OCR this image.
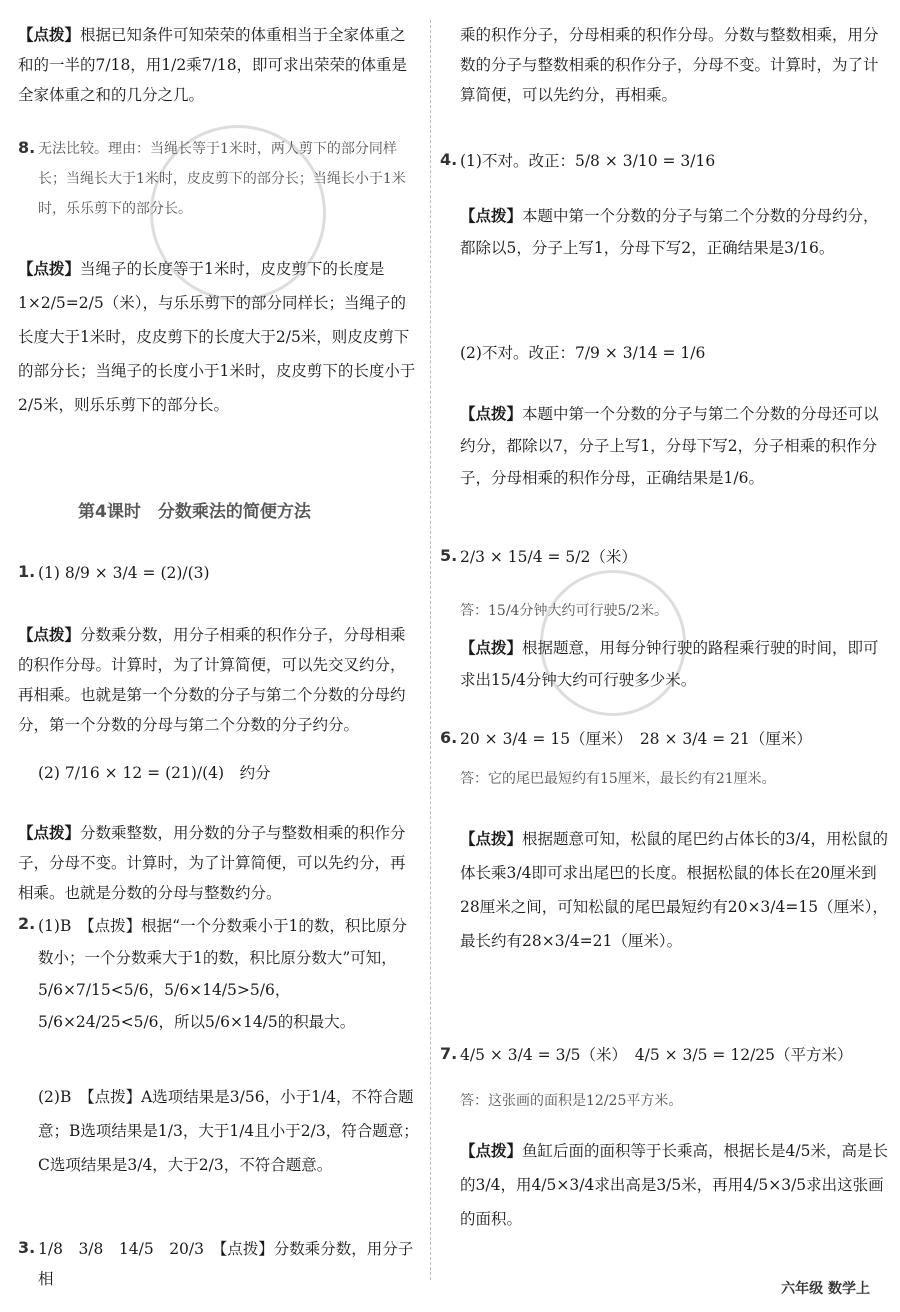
【点拨】根据已知条件可知荣荣的体重相当于全家体重之和的一半的7/18，用1/2乘7/18，即可求出荣荣的体重是全家体重之和的几分之几。
8. 无法比较。理由：当绳长等于1米时，两人剪下的部分同样长；当绳长大于1米时，皮皮剪下的部分长；当绳长小于1米时，乐乐剪下的部分长。
【点拨】当绳子的长度等于1米时，皮皮剪下的长度是1×2/5=2/5（米），与乐乐剪下的部分同样长；当绳子的长度大于1米时，皮皮剪下的长度大于2/5米，则皮皮剪下的部分长；当绳子的长度小于1米时，皮皮剪下的长度小于2/5米，则乐乐剪下的部分长。
第4课时　分数乘法的简便方法
1. (1) 8/9 × 3/4 = (2)/(3)
【点拨】分数乘分数，用分子相乘的积作分子，分母相乘的积作分母。计算时，为了计算简便，可以先交叉约分，再相乘。也就是第一个分数的分子与第二个分数的分母约分，第一个分数的分母与第二个分数的分子约分。
(2) 7/16 × 12 = (21)/(4)　约分
【点拨】分数乘整数，用分数的分子与整数相乘的积作分子，分母不变。计算时，为了计算简便，可以先约分，再相乘。也就是分数的分母与整数约分。
2. (1)B　【点拨】根据“一个分数乘小于1的数，积比原分数小；一个分数乘大于1的数，积比原分数大”可知，5/6×7/15<5/6，5/6×14/5>5/6，5/6×24/25<5/6，所以5/6×14/5的积最大。
(2)B　【点拨】A选项结果是3/56，小于1/4，不符合题意；B选项结果是1/3，大于1/4且小于2/3，符合题意；C选项结果是3/4，大于2/3，不符合题意。
3. 1/8　3/8　14/5　20/3　【点拨】分数乘分数，用分子相
乘的积作分子，分母相乘的积作分母。分数与整数相乘，用分数的分子与整数相乘的积作分子，分母不变。计算时，为了计算简便，可以先约分，再相乘。
4. (1)不对。改正：5/8 × 3/10 = 3/16
【点拨】本题中第一个分数的分子与第二个分数的分母约分，都除以5，分子上写1，分母下写2，正确结果是3/16。
(2)不对。改正：7/9 × 3/14 = 1/6
【点拨】本题中第一个分数的分子与第二个分数的分母还可以约分，都除以7，分子上写1，分母下写2，分子相乘的积作分子，分母相乘的积作分母，正确结果是1/6。
5. 2/3 × 15/4 = 5/2（米）
答：15/4分钟大约可行驶5/2米。
【点拨】根据题意，用每分钟行驶的路程乘行驶的时间，即可求出15/4分钟大约可行驶多少米。
6. 20 × 3/4 = 15（厘米）　28 × 3/4 = 21（厘米）
答：它的尾巴最短约有15厘米，最长约有21厘米。
【点拨】根据题意可知，松鼠的尾巴约占体长的3/4，用松鼠的体长乘3/4即可求出尾巴的长度。根据松鼠的体长在20厘米到28厘米之间，可知松鼠的尾巴最短约有20×3/4=15（厘米），最长约有28×3/4=21（厘米）。
7. 4/5 × 3/4 = 3/5（米）　4/5 × 3/5 = 12/25（平方米）
答：这张画的面积是12/25平方米。
【点拨】鱼缸后面的面积等于长乘高，根据长是4/5米，高是长的3/4，用4/5×3/4求出高是3/5米，再用4/5×3/5求出这张画的面积。
六年级 数学上
